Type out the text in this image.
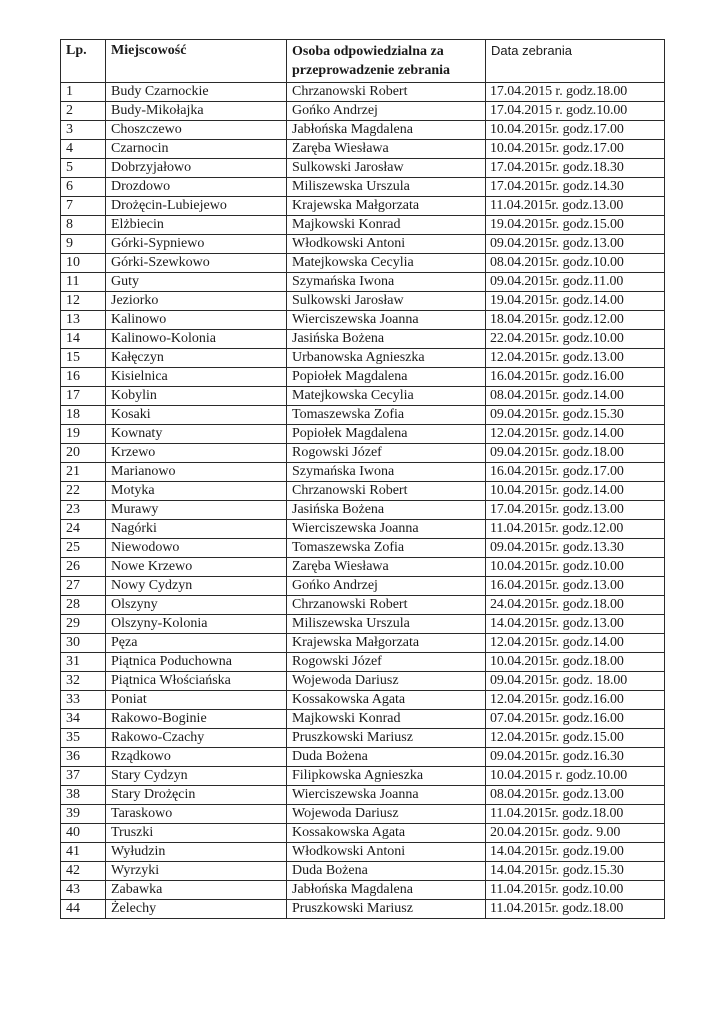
Lp.	Miejscowość	Osoba odpowiedzialna za przeprowadzenie zebrania	Data zebrania
1	Budy Czarnockie	Chrzanowski Robert	17.04.2015 r. godz.18.00
2	Budy-Mikołajka	Gońko Andrzej	17.04.2015 r. godz.10.00
3	Choszczewo	Jabłońska Magdalena	10.04.2015r. godz.17.00
4	Czarnocin	Zaręba Wiesława	10.04.2015r. godz.17.00
5	Dobrzyjałowo	Sulkowski Jarosław	17.04.2015r. godz.18.30
6	Drozdowo	Miliszewska Urszula	17.04.2015r. godz.14.30
7	Drożęcin-Lubiejewo	Krajewska Małgorzata	11.04.2015r. godz.13.00
8	Elżbiecin	Majkowski Konrad	19.04.2015r. godz.15.00
9	Górki-Sypniewo	Włodkowski Antoni	09.04.2015r. godz.13.00
10	Górki-Szewkowo	Matejkowska Cecylia	08.04.2015r. godz.10.00
11	Guty	Szymańska Iwona	09.04.2015r. godz.11.00
12	Jeziorko	Sulkowski Jarosław	19.04.2015r. godz.14.00
13	Kalinowo	Wierciszewska Joanna	18.04.2015r. godz.12.00
14	Kalinowo-Kolonia	Jasińska Bożena	22.04.2015r. godz.10.00
15	Kałęczyn	Urbanowska Agnieszka	12.04.2015r. godz.13.00
16	Kisielnica	Popiołek Magdalena	16.04.2015r. godz.16.00
17	Kobylin	Matejkowska Cecylia	08.04.2015r. godz.14.00
18	Kosaki	Tomaszewska Zofia	09.04.2015r. godz.15.30
19	Kownaty	Popiołek Magdalena	12.04.2015r. godz.14.00
20	Krzewo	Rogowski Józef	09.04.2015r. godz.18.00
21	Marianowo	Szymańska Iwona	16.04.2015r. godz.17.00
22	Motyka	Chrzanowski Robert	10.04.2015r. godz.14.00
23	Murawy	Jasińska Bożena	17.04.2015r. godz.13.00
24	Nagórki	Wierciszewska Joanna	11.04.2015r. godz.12.00
25	Niewodowo	Tomaszewska Zofia	09.04.2015r. godz.13.30
26	Nowe Krzewo	Zaręba Wiesława	10.04.2015r. godz.10.00
27	Nowy Cydzyn	Gońko Andrzej	16.04.2015r. godz.13.00
28	Olszyny	Chrzanowski Robert	24.04.2015r. godz.18.00
29	Olszyny-Kolonia	Miliszewska Urszula	14.04.2015r. godz.13.00
30	Pęza	Krajewska Małgorzata	12.04.2015r. godz.14.00
31	Piątnica Poduchowna	Rogowski Józef	10.04.2015r. godz.18.00
32	Piątnica Włościańska	Wojewoda Dariusz	09.04.2015r. godz. 18.00
33	Poniat	Kossakowska Agata	12.04.2015r. godz.16.00
34	Rakowo-Boginie	Majkowski Konrad	07.04.2015r. godz.16.00
35	Rakowo-Czachy	Pruszkowski Mariusz	12.04.2015r. godz.15.00
36	Rządkowo	Duda Bożena	09.04.2015r. godz.16.30
37	Stary Cydzyn	Filipkowska Agnieszka	10.04.2015 r. godz.10.00
38	Stary Drożęcin	Wierciszewska Joanna	08.04.2015r. godz.13.00
39	Taraskowo	Wojewoda Dariusz	11.04.2015r. godz.18.00
40	Truszki	Kossakowska Agata	20.04.2015r. godz. 9.00
41	Wyłudzin	Włodkowski Antoni	14.04.2015r. godz.19.00
42	Wyrzyki	Duda Bożena	14.04.2015r. godz.15.30
43	Zabawka	Jabłońska Magdalena	11.04.2015r. godz.10.00
44	Żelechy	Pruszkowski Mariusz	11.04.2015r. godz.18.00
